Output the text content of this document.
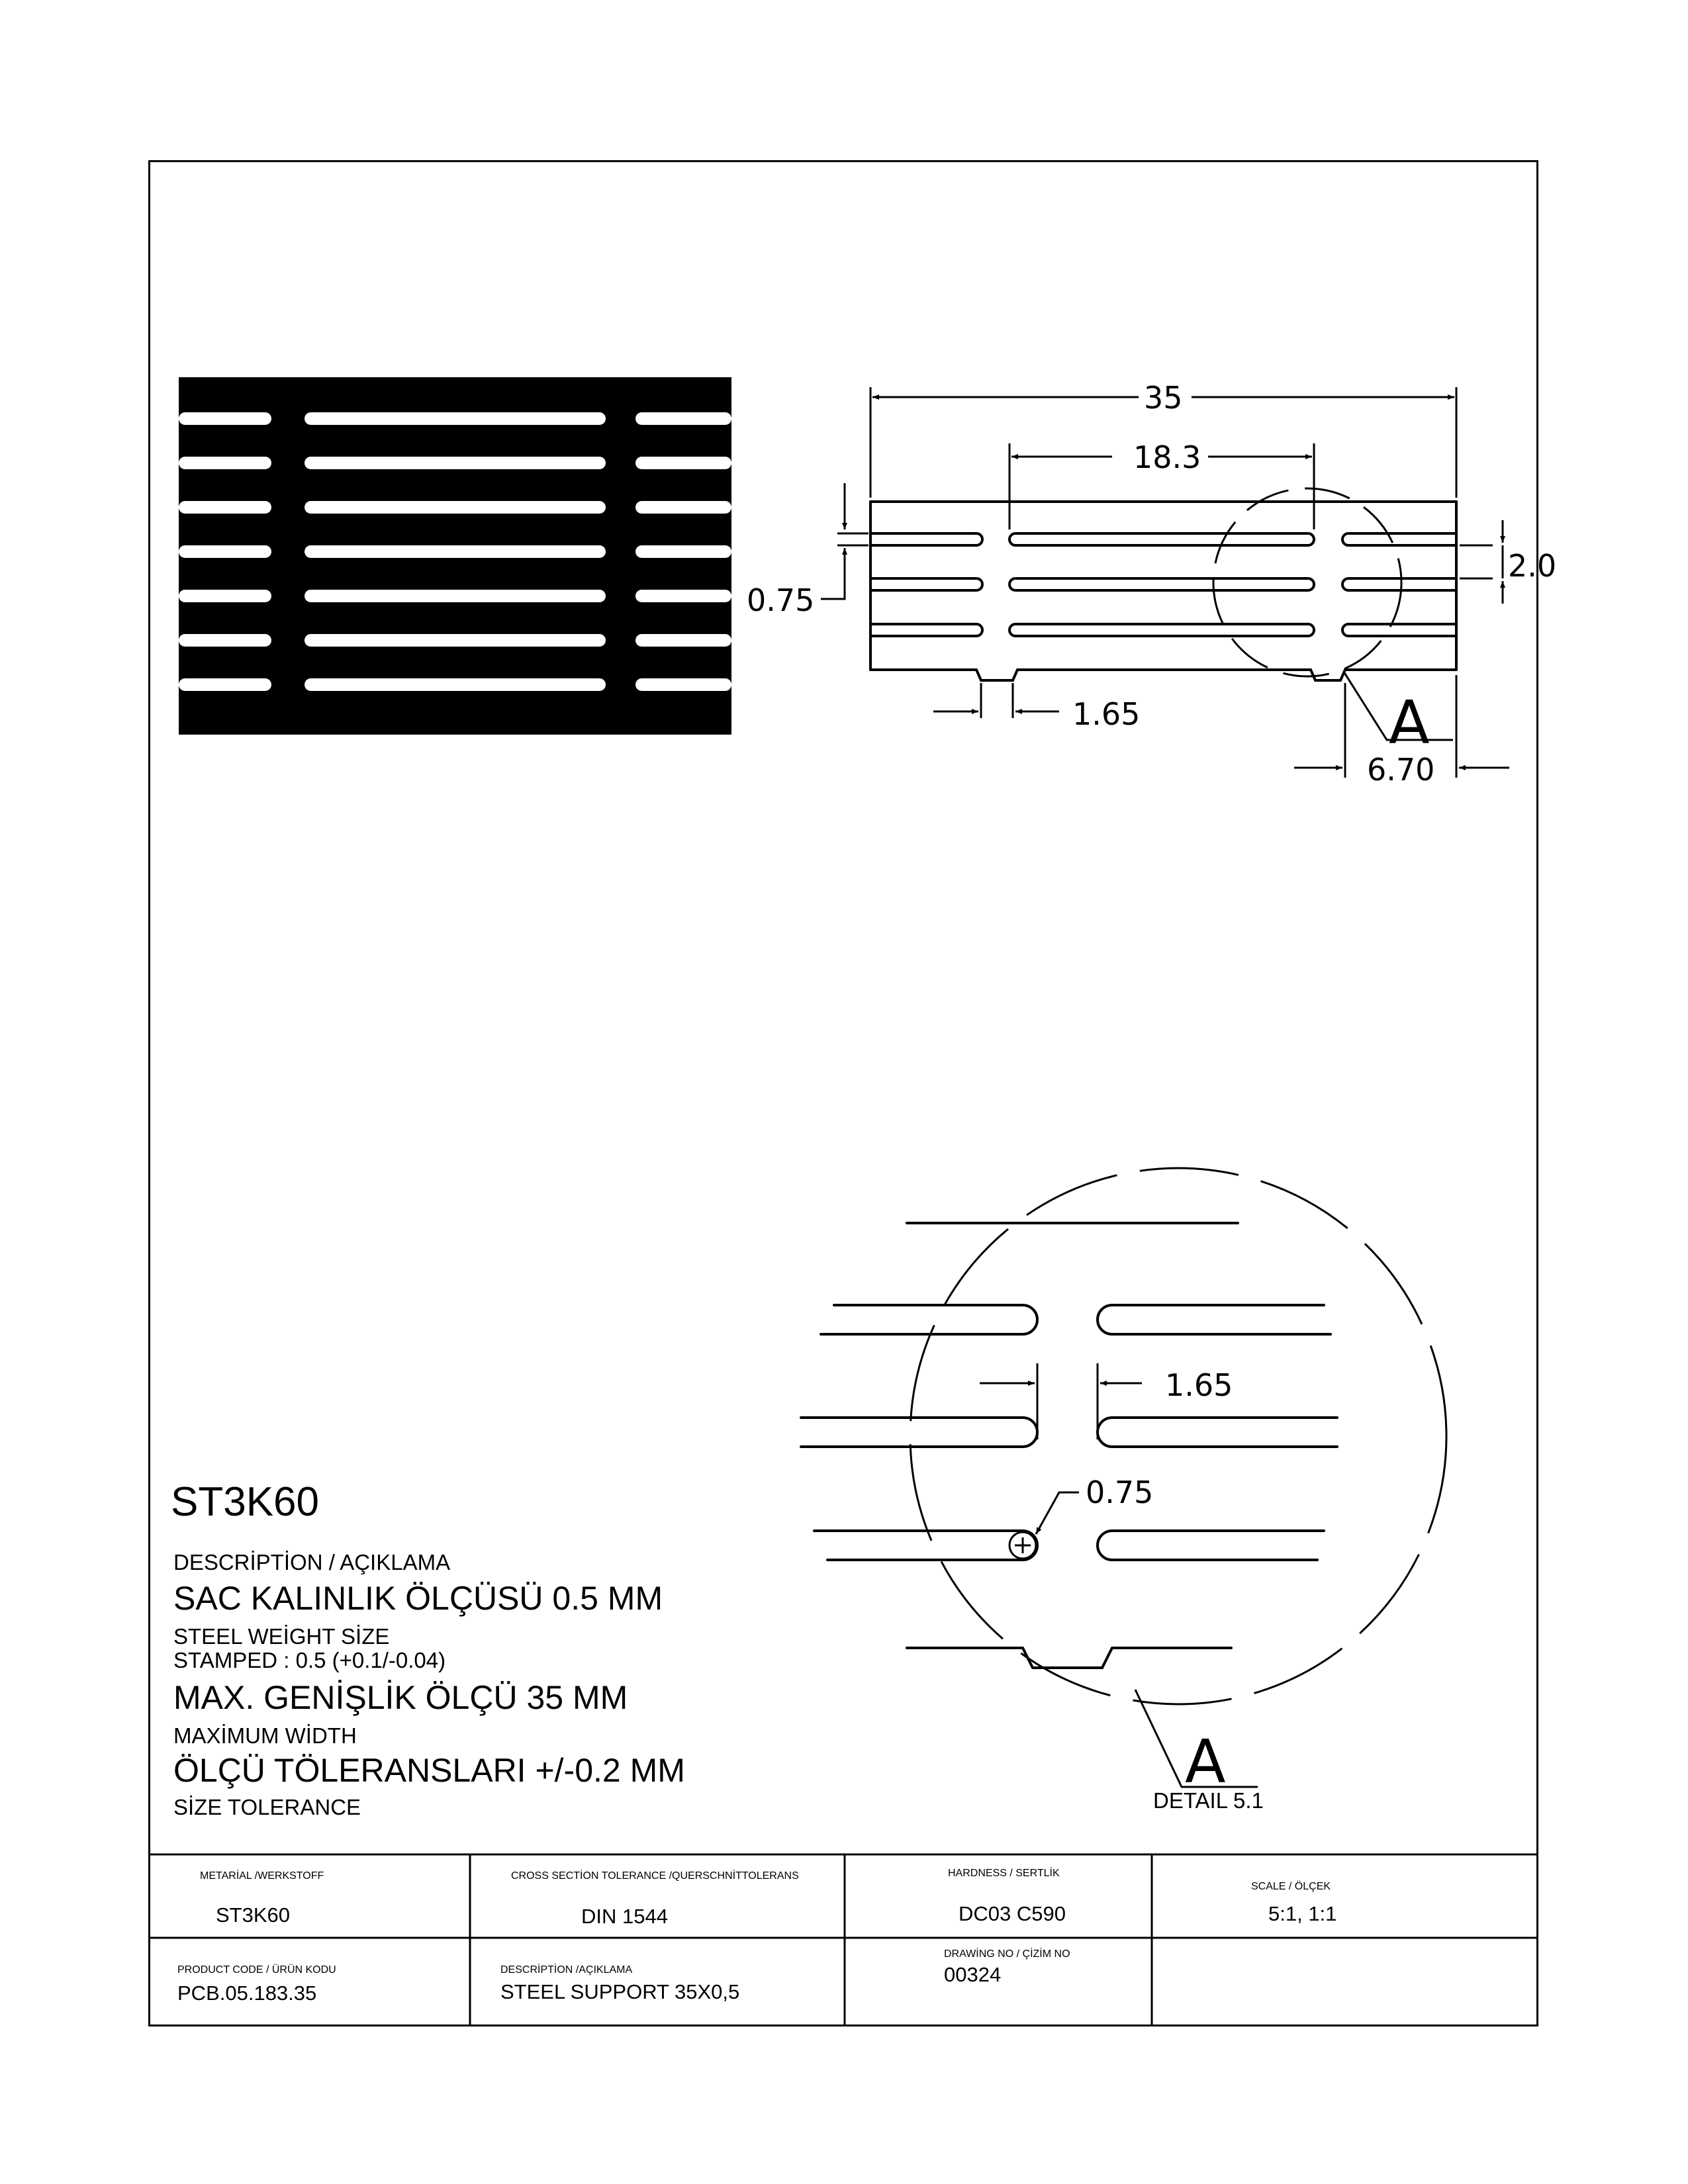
35
18.3
2.0
0.75
1.65
6.70
A
1.65
0.75
A
DETAIL 5.1
ST3K60
DESCRİPTİON / AÇIKLAMA
SAC KALINLIK ÖLÇÜSÜ 0.5 MM
STEEL WEİGHT SİZE
STAMPED : 0.5 (+0.1/-0.04)
MAX. GENİŞLİK ÖLÇÜ 35 MM
MAXİMUM WİDTH
ÖLÇÜ TÖLERANSLARI +/-0.2 MM
SİZE TOLERANCE
METARİAL /WERKSTOFF
ST3K60
CROSS SECTİON TOLERANCE /QUERSCHNİTTOLERANS
DIN 1544
HARDNESS / SERTLİK
DC03 C590
SCALE / ÖLÇEK
5:1, 1:1
PRODUCT CODE / ÜRÜN KODU
PCB.05.183.35
DESCRİPTİON /AÇIKLAMA
STEEL SUPPORT 35X0,5
DRAWİNG NO / ÇİZİM NO
00324
